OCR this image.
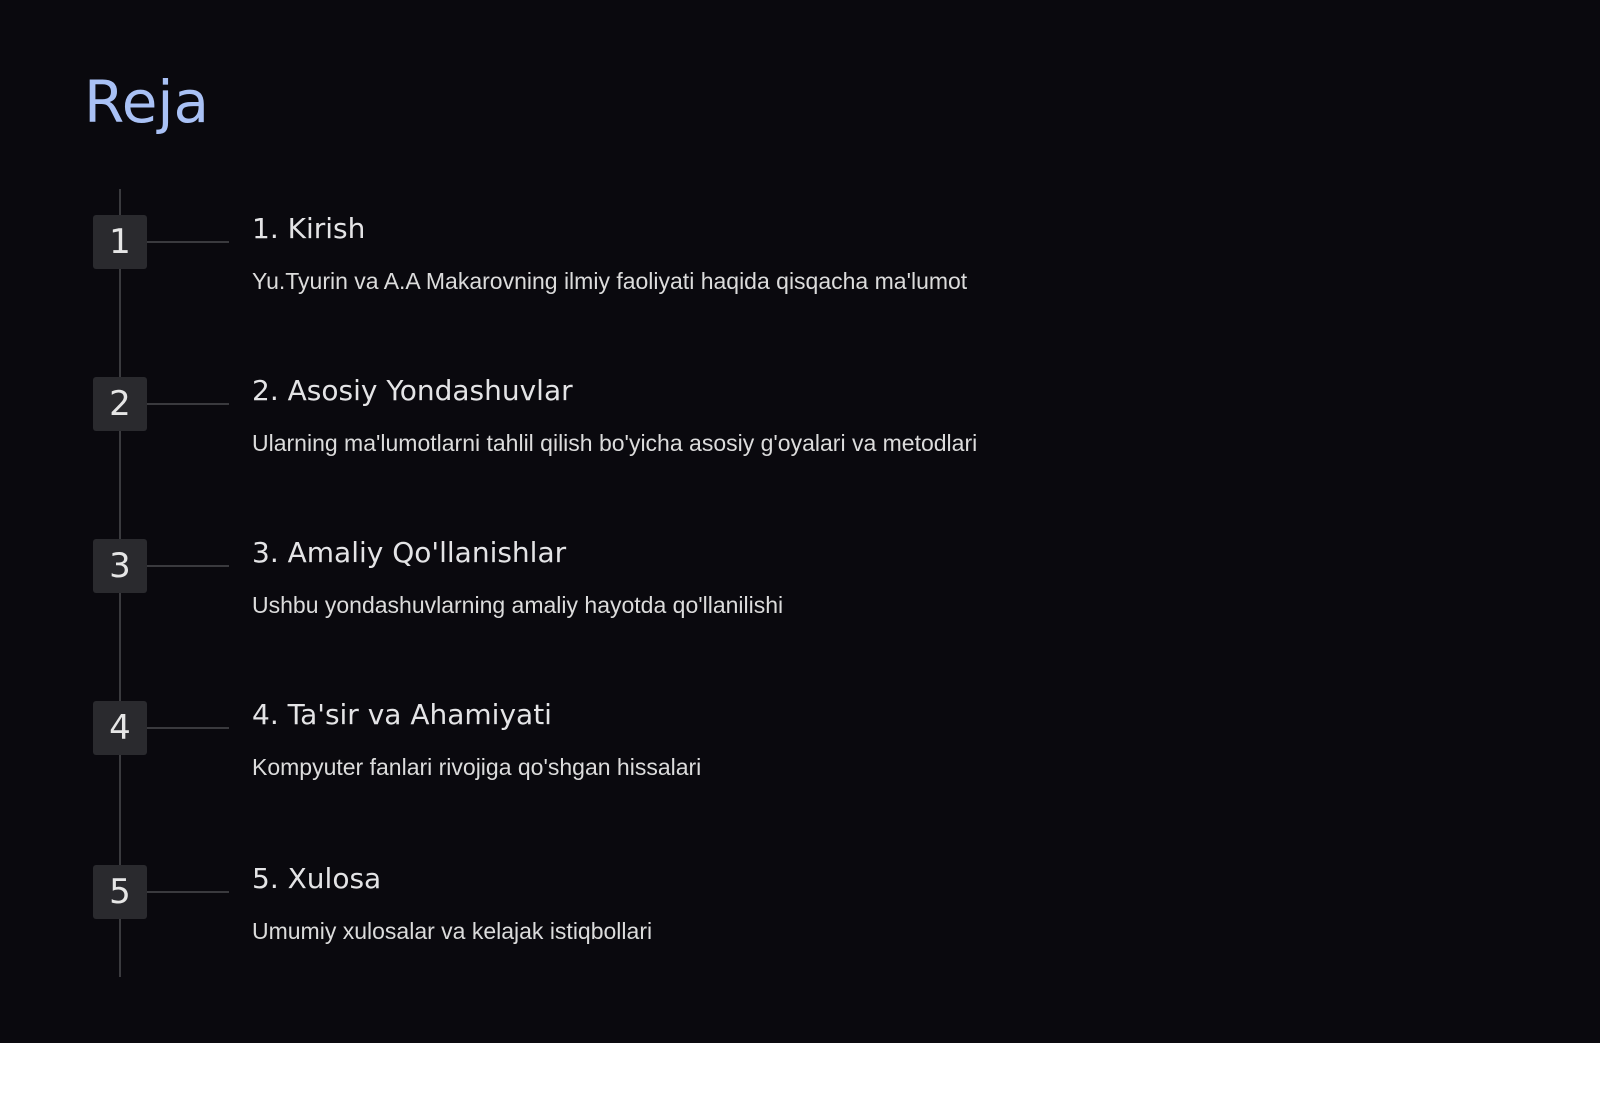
Reja
1	1. Kirish

Yu.Tyurin va A.A Makarovning ilmiy faoliyati haqida qisqacha ma'lumot

2	2. Asosiy Yondashuvlar

Ularning ma'lumotlarni tahlil qilish bo'yicha asosiy g'oyalari va metodlari

3	3. Amaliy Qo'llanishlar

Ushbu yondashuvlarning amaliy hayotda qo'llanilishi

4	4. Ta'sir va Ahamiyati

Kompyuter fanlari rivojiga qo'shgan hissalari

5	5. Xulosa

Umumiy xulosalar va kelajak istiqbollari
